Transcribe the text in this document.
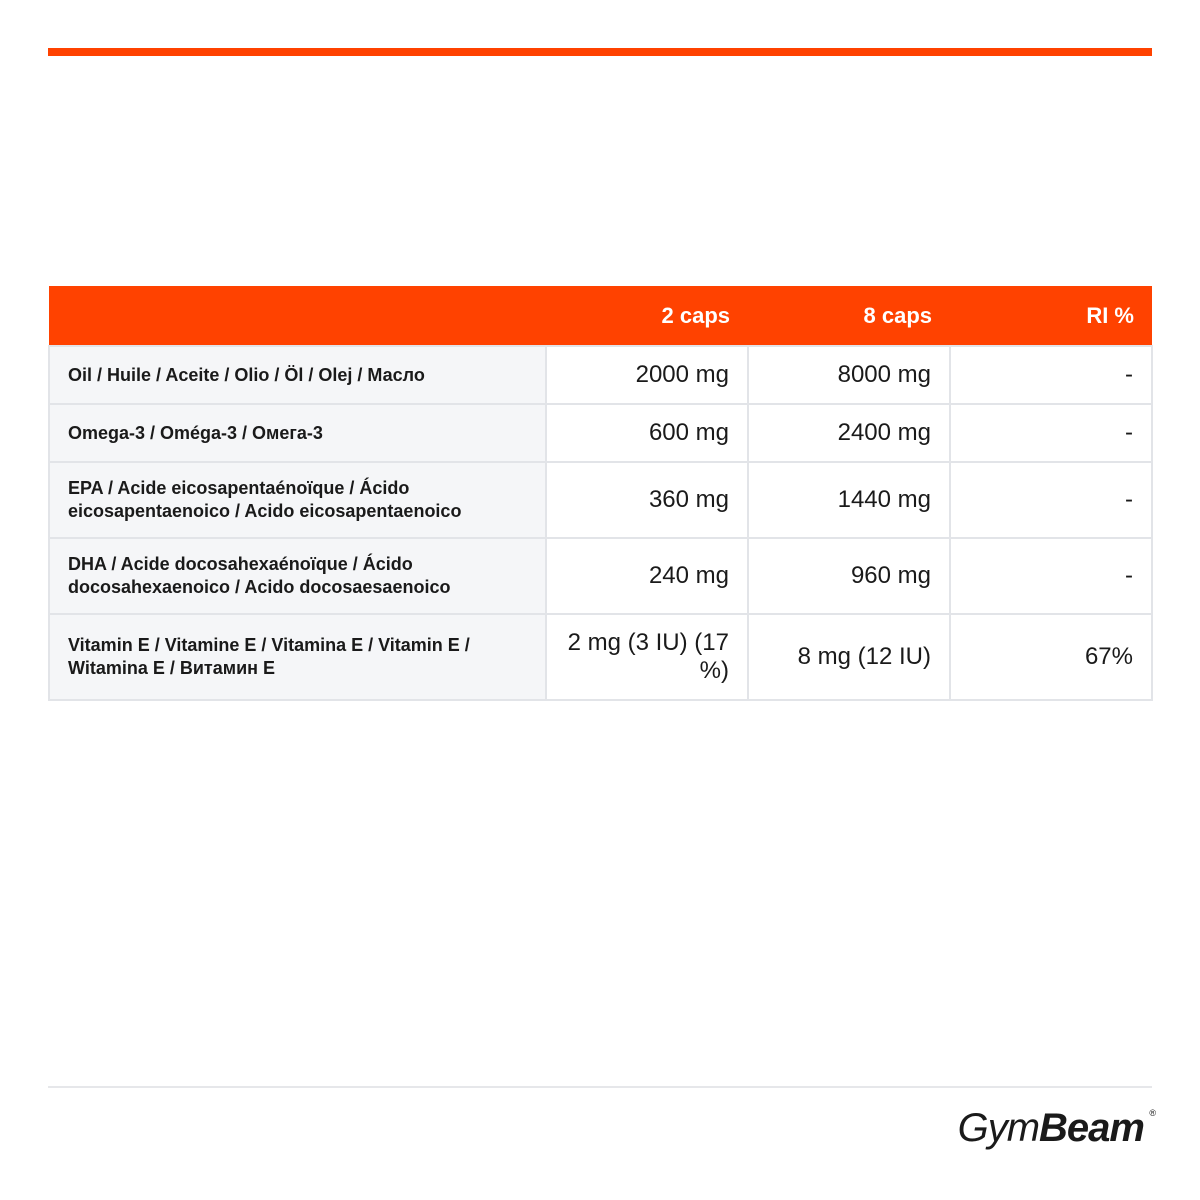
	2 caps	8 caps	RI %
Oil / Huile / Aceite / Olio / Öl / Olej / Масло	2000 mg	8000 mg	-
Omega-3 / Oméga-3 / Омега-3	600 mg	2400 mg	-
EPA / Acide eicosapentaénoïque / Ácido eicosapentaenoico / Acido eicosapentaenoico	360 mg	1440 mg	-
DHA / Acide docosahexaénoïque / Ácido docosahexaenoico / Acido docosaesaenoico	240 mg	960 mg	-
Vitamin E / Vitamine E / Vitamina E / Vitamin E / Witamina E / Витамин E	2 mg (3 IU) (17 %)	8 mg (12 IU)	67%
GymBeam ®
